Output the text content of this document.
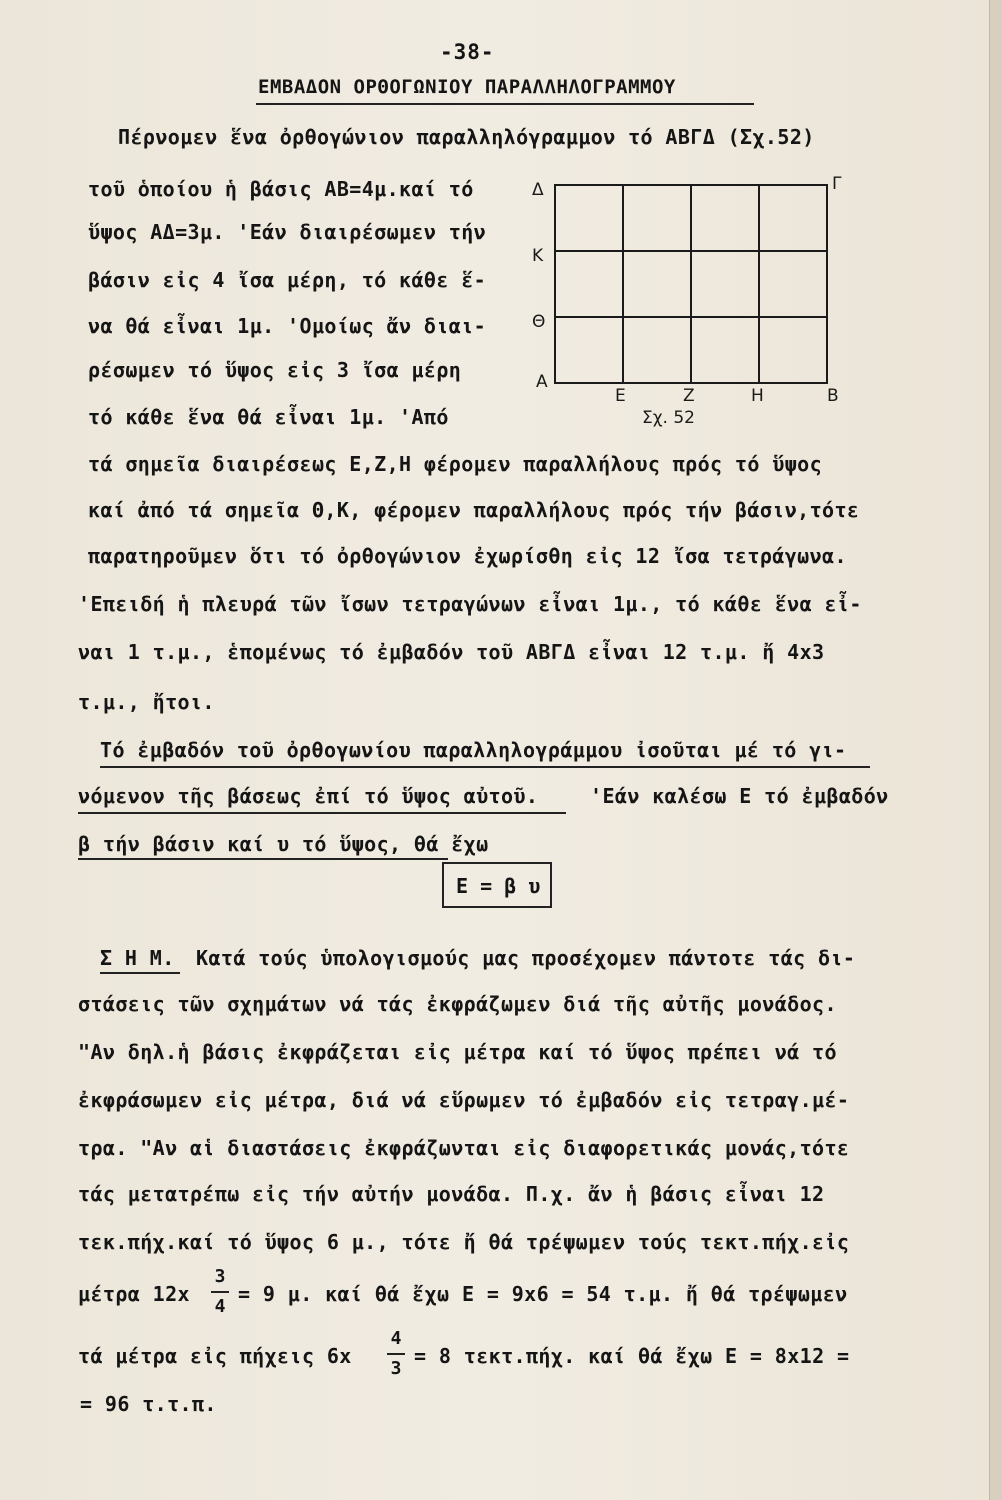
-38-
ΕΜΒΑΔΟΝ ΟΡΘΟΓΩΝΙΟΥ ΠΑΡΑΛΛΗΛΟΓΡΑΜΜΟΥ
Πέρνομεν ἕνα ὀρθογώνιον παραλληλόγραμμον τό ΑΒΓΔ (Σχ.52)
τοῦ ὁποίου ἡ βάσις ΑΒ=4μ.καί τό
ὕψος ΑΔ=3μ. 'Εάν διαιρέσωμεν τήν
βάσιν εἰς 4 ἴσα μέρη, τό κάθε ἕ-
να θά εἶναι 1μ. 'Ομοίως ἄν διαι-
ρέσωμεν τό ὕψος εἰς 3 ἴσα μέρη
τό κάθε ἕνα θά εἶναι 1μ. 'Από
τά σημεῖα διαιρέσεως Ε,Ζ,Η φέρομεν παραλλήλους πρός τό ὕψος
καί ἀπό τά σημεῖα Θ,Κ, φέρομεν παραλλήλους πρός τήν βάσιν,τότε
παρατηροῦμεν ὅτι τό ὀρθογώνιον ἐχωρίσθη εἰς 12 ἴσα τετράγωνα.
'Επειδή ἡ πλευρά τῶν ἴσων τετραγώνων εἶναι 1μ., τό κάθε ἕνα εἶ-
ναι 1 τ.μ., ἑπομένως τό ἐμβαδόν τοῦ ΑΒΓΔ εἶναι 12 τ.μ. ἤ 4x3
τ.μ., ἤτοι.
Τό ἐμβαδόν τοῦ ὀρθογωνίου παραλληλογράμμου ἰσοῦται μέ τό γι-
νόμενον τῆς βάσεως ἐπί τό ὕψος αὐτοῦ.	'Εάν καλέσω Ε τό ἐμβαδόν
β τήν βάσιν καί υ τό ὕψος, θά ἔχω
Ε = β υ
Σ Η Μ. Κατά τούς ὑπολογισμούς μας προσέχομεν πάντοτε τάς δι-
στάσεις τῶν σχημάτων νά τάς ἐκφράζωμεν διά τῆς αὐτῆς μονάδος.
"Αν δηλ.ἡ βάσις ἐκφράζεται εἰς μέτρα καί τό ὕψος πρέπει νά τό
ἐκφράσωμεν εἰς μέτρα, διά νά εὕρωμεν τό ἐμβαδόν εἰς τετραγ.μέ-
τρα. "Αν αἱ διαστάσεις ἐκφράζωνται εἰς διαφορετικάς μονάς,τότε
τάς μετατρέπω εἰς τήν αὐτήν μονάδα. Π.χ. ἄν ἡ βάσις εἶναι 12
τεκ.πήχ.καί τό ὕψος 6 μ., τότε ἤ θά τρέψωμεν τούς τεκτ.πήχ.εἰς
μέτρα 12x
3
4
= 9 μ. καί θά ἔχω Ε = 9x6 = 54 τ.μ. ἤ θά τρέψωμεν
τά μέτρα εἰς πήχεις 6x
4
3
= 8 τεκτ.πήχ. καί θά ἔχω Ε = 8x12 =
= 96 τ.τ.π.
Δ	Γ
Κ
Θ
Α
Ε	Ζ	Η	Β
Σχ. 52
